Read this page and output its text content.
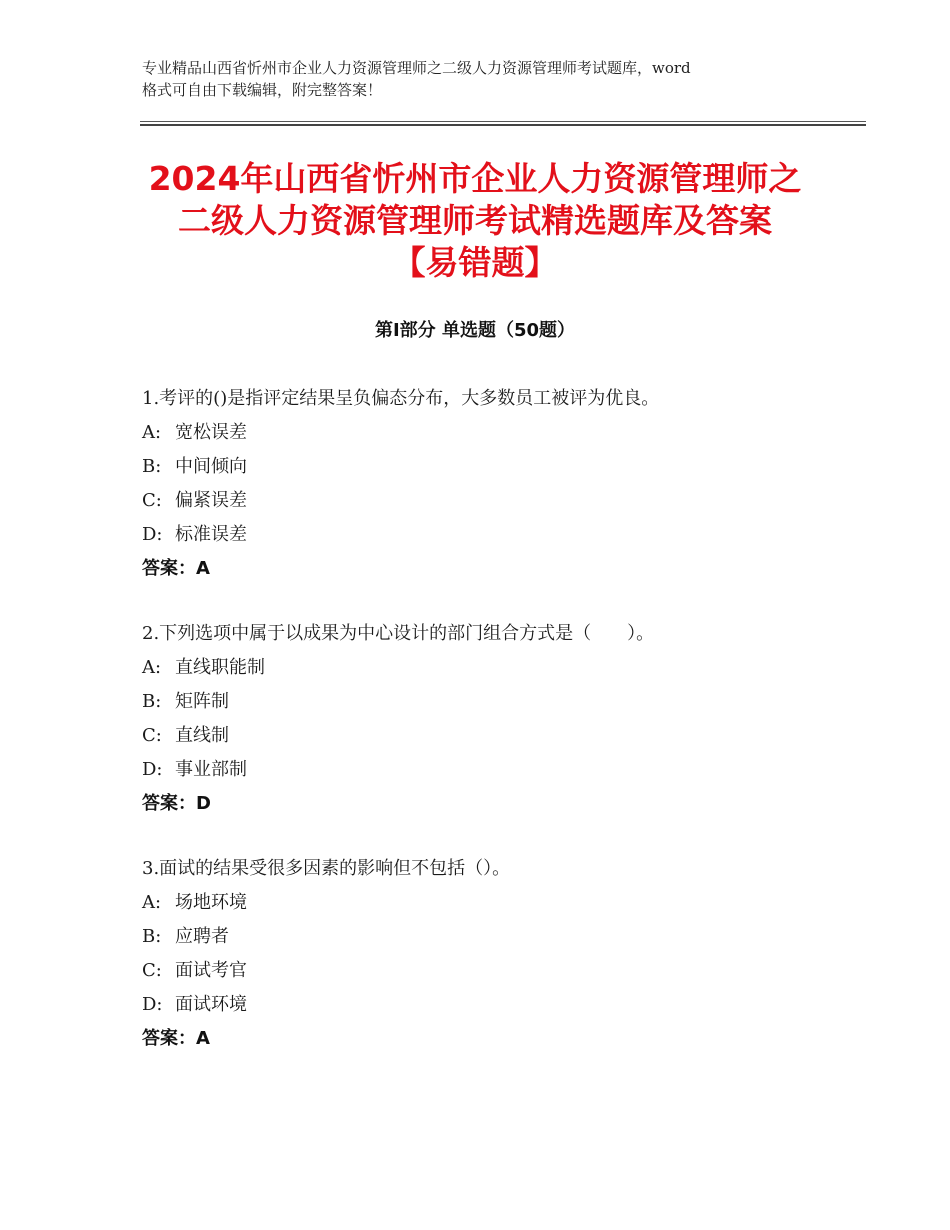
专业精品山西省忻州市企业人力资源管理师之二级人力资源管理师考试题库，word
格式可自由下载编辑，附完整答案！
2024年山西省忻州市企业人力资源管理师之
二级人力资源管理师考试精选题库及答案
【易错题】
第Ⅰ部分 单选题（50题）
1.考评的()是指评定结果呈负偏态分布，大多数员工被评为优良。
A: 宽松误差
B: 中间倾向
C: 偏紧误差
D: 标准误差
答案：A
2.下列选项中属于以成果为中心设计的部门组合方式是（　　）。
A: 直线职能制
B: 矩阵制
C: 直线制
D: 事业部制
答案：D
3.面试的结果受很多因素的影响但不包括（）。
A: 场地环境
B: 应聘者
C: 面试考官
D: 面试环境
答案：A
